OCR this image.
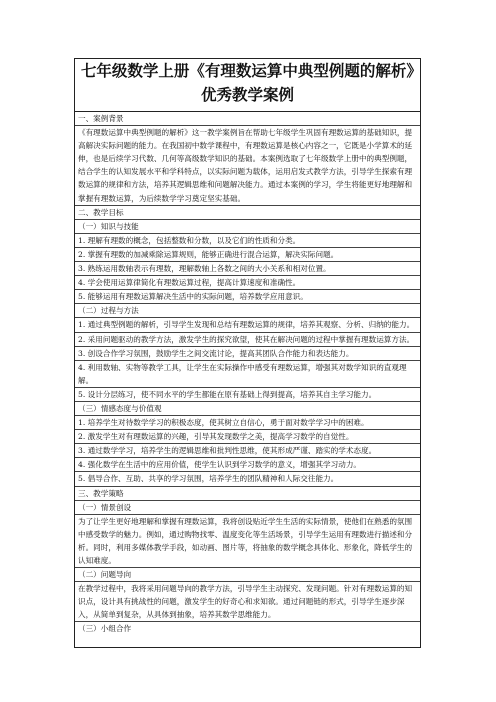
七年级数学上册《有理数运算中典型例题的解析》优秀教学案例
一、案例背景
《有理数运算中典型例题的解析》这一教学案例旨在帮助七年级学生巩固有理数运算的基础知识，提高解决实际问题的能力。在我国初中数学课程中，有理数运算是核心内容之一，它既是小学算术的延伸，也是后续学习代数、几何等高级数学知识的基础。本案例选取了七年级数学上册中的典型例题，结合学生的认知发展水平和学科特点，以实际问题为载体，运用启发式教学方法，引导学生探索有理数运算的规律和方法，培养其逻辑思维和问题解决能力。通过本案例的学习，学生将能更好地理解和掌握有理数运算，为后续数学学习奠定坚实基础。
二、教学目标
（一）知识与技能
1. 理解有理数的概念，包括整数和分数，以及它们的性质和分类。
2. 掌握有理数的加减乘除运算规则，能够正确进行混合运算，解决实际问题。
3. 熟练运用数轴表示有理数，理解数轴上各数之间的大小关系和相对位置。
4. 学会使用运算律简化有理数运算过程，提高计算速度和准确性。
5. 能够运用有理数运算解决生活中的实际问题，培养数学应用意识。
（二）过程与方法
1. 通过典型例题的解析，引导学生发现和总结有理数运算的规律，培养其观察、分析、归纳的能力。
2. 采用问题驱动的教学方法，激发学生的探究欲望，使其在解决问题的过程中掌握有理数运算方法。
3. 创设合作学习氛围，鼓励学生之间交流讨论，提高其团队合作能力和表达能力。
4. 利用数轴、实物等教学工具，让学生在实际操作中感受有理数运算，增强其对数学知识的直观理解。
5. 设计分层练习，使不同水平的学生都能在原有基础上得到提高，培养其自主学习能力。
（三）情感态度与价值观
1. 培养学生对待数学学习的积极态度，使其树立自信心，勇于面对数学学习中的困难。
2. 激发学生对有理数运算的兴趣，引导其发现数学之美，提高学习数学的自觉性。
3. 通过数学学习，培养学生的逻辑思维和批判性思维，使其形成严谨、踏实的学术态度。
4. 强化数学在生活中的应用价值，使学生认识到学习数学的意义，增强其学习动力。
5. 倡导合作、互助、共享的学习氛围，培养学生的团队精神和人际交往能力。
三、教学策略
（一）情景创设
为了让学生更好地理解和掌握有理数运算，我将创设贴近学生生活的实际情景，使他们在熟悉的氛围中感受数学的魅力。例如，通过购物找零、温度变化等生活场景，引导学生运用有理数进行描述和分析。同时，利用多媒体教学手段，如动画、图片等，将抽象的数学概念具体化、形象化，降低学生的认知难度。
（二）问题导向
在教学过程中，我将采用问题导向的教学方法，引导学生主动探究、发现问题。针对有理数运算的知识点，设计具有挑战性的问题，激发学生的好奇心和求知欲。通过问题链的形式，引导学生逐步深入，从简单到复杂，从具体到抽象，培养其数学思维能力。
（三）小组合作
